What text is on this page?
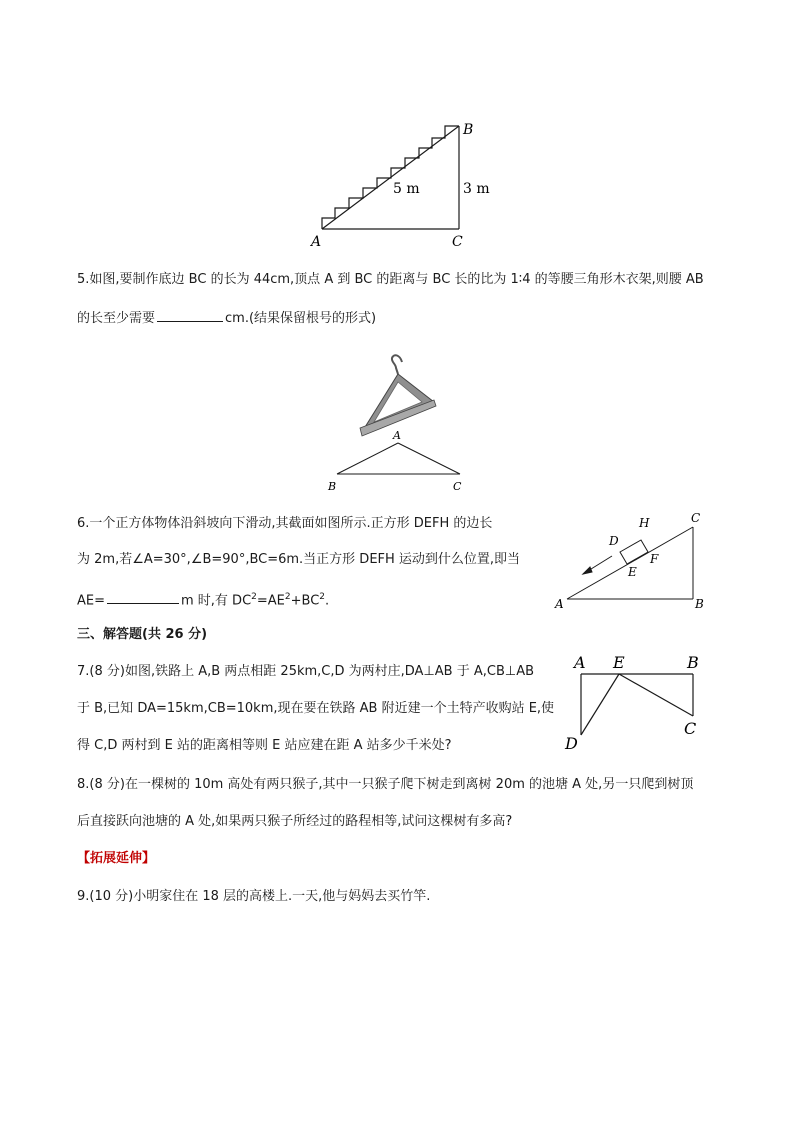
A	C
B
5 m	3 m
5.如图,要制作底边 BC 的长为 44cm,顶点 A 到 BC 的距离与 BC 长的比为 1∶4 的等腰三角形木衣架,则腰 AB
的长至少需要	cm.(结果保留根号的形式)
A
B	C
6.一个正方体物体沿斜坡向下滑动,其截面如图所示.正方形 DEFH 的边长
为 2m,若∠A=30°,∠B=90°,BC=6m.当正方形 DEFH 运动到什么位置,即当
AE=	m 时,有 $DC^2=AE^2+BC^2$.	A	B
C
D
E
F
H
三、解答题(共 26 分)
7.(8 分)如图,铁路上 A,B 两点相距 25km,C,D 为两村庄,DA⊥AB 于 A,CB⊥AB
于 B,已知 DA=15km,CB=10km,现在要在铁路 AB 附近建一个土特产收购站 E,使
得 C,D 两村到 E 站的距离相等则 E 站应建在距 A 站多少千米处?
A E	B
C
D
8.(8 分)在一棵树的 10m 高处有两只猴子,其中一只猴子爬下树走到离树 20m 的池塘 A 处,另一只爬到树顶
后直接跃向池塘的 A 处,如果两只猴子所经过的路程相等,试问这棵树有多高?
【拓展延伸】
9.(10 分)小明家住在 18 层的高楼上.一天,他与妈妈去买竹竿.
